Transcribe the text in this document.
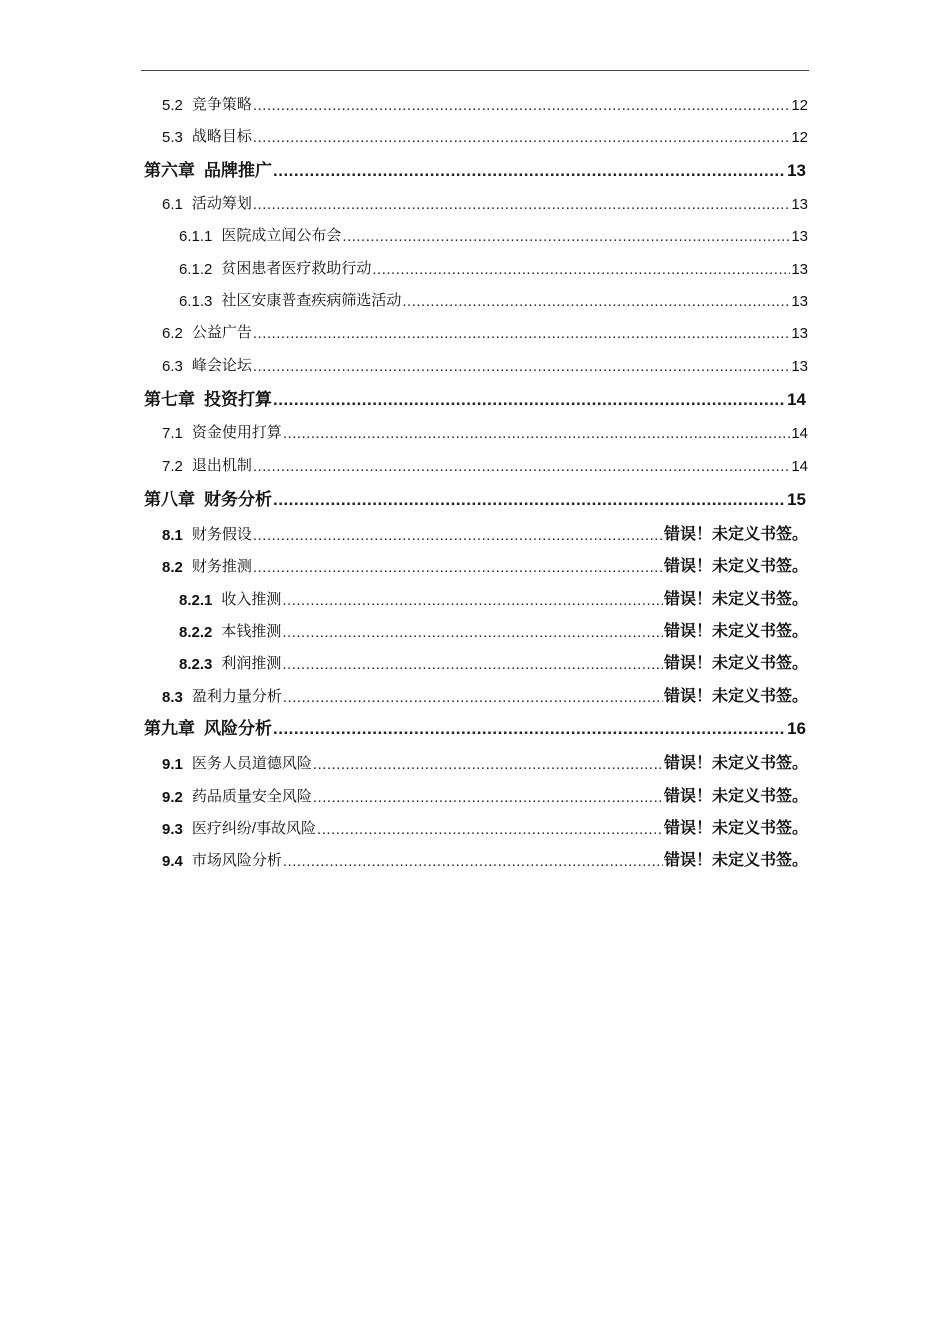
5.2 竞争策略 .....	12
5.3 战略目标 .....	12
第六章 品牌推广 .....	13
6.1 活动筹划 .....	13
6.1.1 医院成立闻公布会 .....	13
6.1.2 贫困患者医疗救助行动 .....	13
6.1.3 社区安康普查疾病筛选活动 .....	13
6.2 公益广告 .....	13
6.3 峰会论坛 .....	13
第七章 投资打算 .....	14
7.1 资金使用打算 .....	14
7.2 退出机制 .....	14
第八章 财务分析 .....	15
8.1 财务假设 .....	错误！未定义书签。
8.2 财务推测 .....	错误！未定义书签。
8.2.1 收入推测 .....	错误！未定义书签。
8.2.2 本钱推测 .....	错误！未定义书签。
8.2.3 利润推测 .....	错误！未定义书签。
8.3 盈利力量分析 .....	错误！未定义书签。
第九章 风险分析 .....	16
9.1 医务人员道德风险 .....	错误！未定义书签。
9.2 药品质量安全风险 .....	错误！未定义书签。
9.3 医疗纠纷/事故风险 .....	错误！未定义书签。
9.4 市场风险分析 .....	错误！未定义书签。
